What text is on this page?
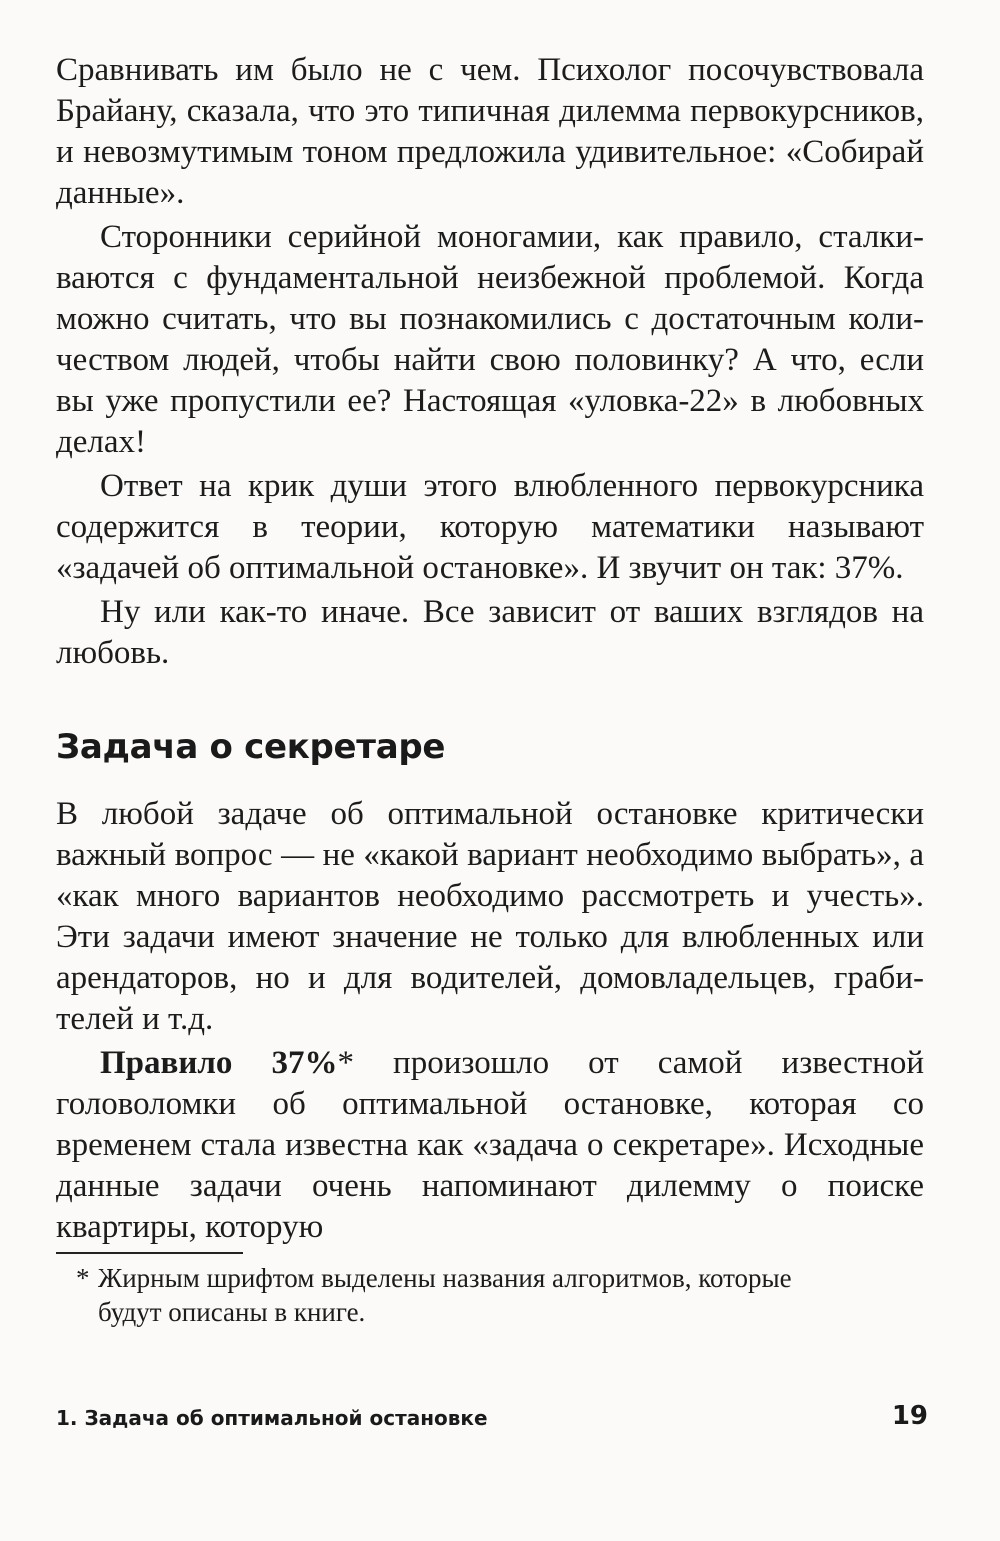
Сравнивать им было не с чем. Психолог посочувствовала Брайану, сказала, что это типичная дилемма первокурсников, и невозмутимым тоном предложила удивительное: «Собирай данные».

Сторонники серийной моногамии, как правило, сталкиваются с фундаментальной неизбежной проблемой. Когда можно считать, что вы познакомились с достаточным количеством людей, чтобы найти свою половинку? А что, если вы уже пропустили ее? Настоящая «уловка-22» в любовных делах!

Ответ на крик души этого влюбленного первокурсника содержится в теории, которую математики называют «задачей об оптимальной остановке». И звучит он так: 37%.

Ну или как-то иначе. Все зависит от ваших взглядов на любовь.

Задача о секретаре

В любой задаче об оптимальной остановке критически важный вопрос — не «какой вариант необходимо выбрать», а «как много вариантов необходимо рассмотреть и учесть». Эти задачи имеют значение не только для влюбленных или арендаторов, но и для водителей, домовладельцев, грабителей и т.д.

Правило 37%* произошло от самой известной головоломки об оптимальной остановке, которая со временем стала известна как «задача о секретаре». Исходные данные задачи очень напоминают дилемму о поиске квартиры, которую

* Жирным шрифтом выделены названия алгоритмов, которые
будут описаны в книге.
1. Задача об оптимальной остановке	19
